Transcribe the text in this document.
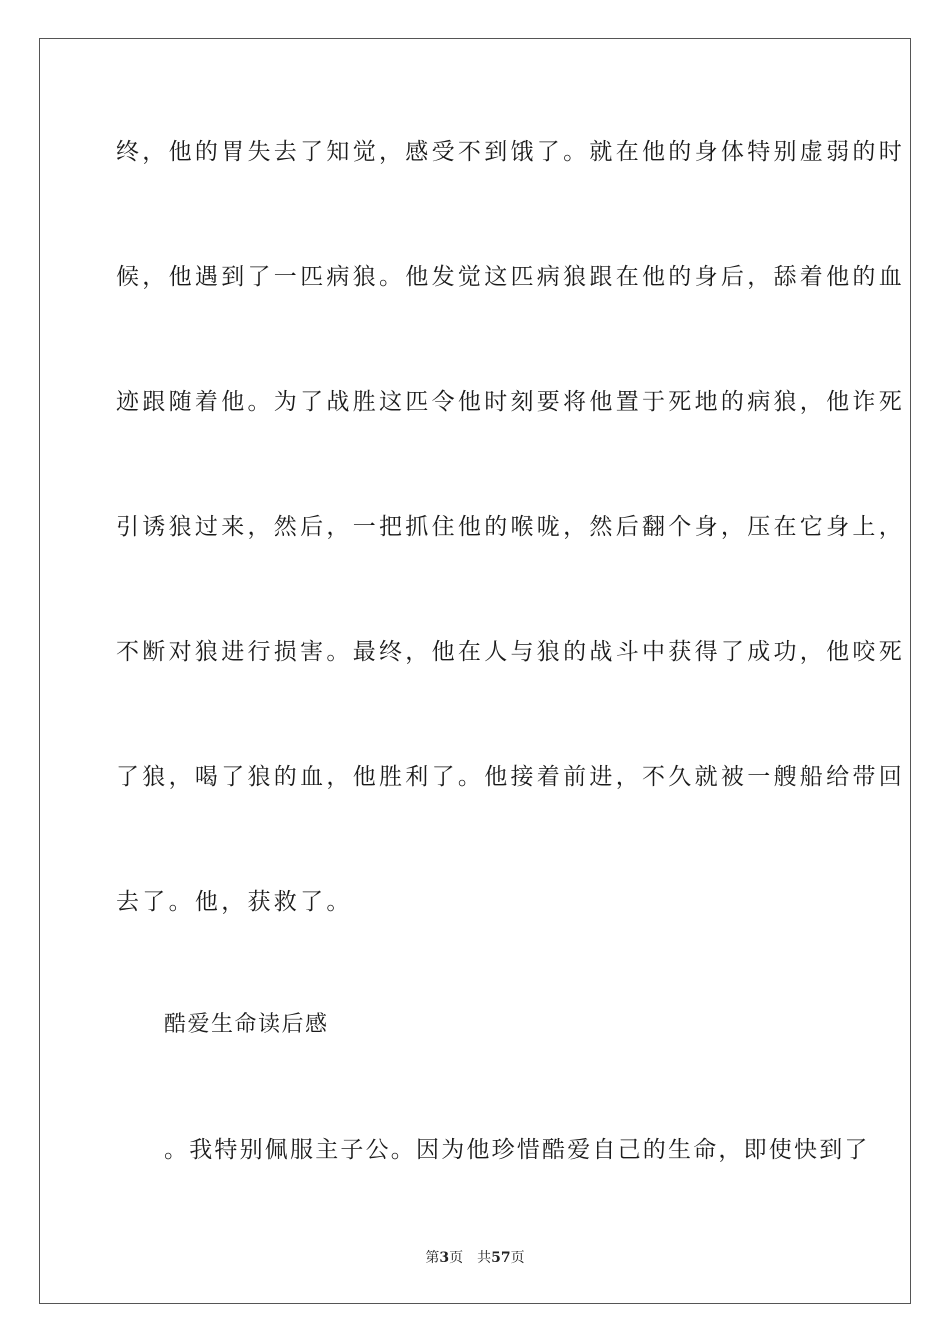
终，他的胃失去了知觉，感受不到饿了。就在他的身体特别虚弱的时
候，他遇到了一匹病狼。他发觉这匹病狼跟在他的身后，舔着他的血
迹跟随着他。为了战胜这匹令他时刻要将他置于死地的病狼，他诈死
引诱狼过来，然后，一把抓住他的喉咙，然后翻个身，压在它身上，
不断对狼进行损害。最终，他在人与狼的战斗中获得了成功，他咬死
了狼，喝了狼的血，他胜利了。他接着前进，不久就被一艘船给带回
去了。他，获救了。
酷爱生命读后感
。我特别佩服主子公。因为他珍惜酷爱自己的生命，即使快到了
第3页 共57页
